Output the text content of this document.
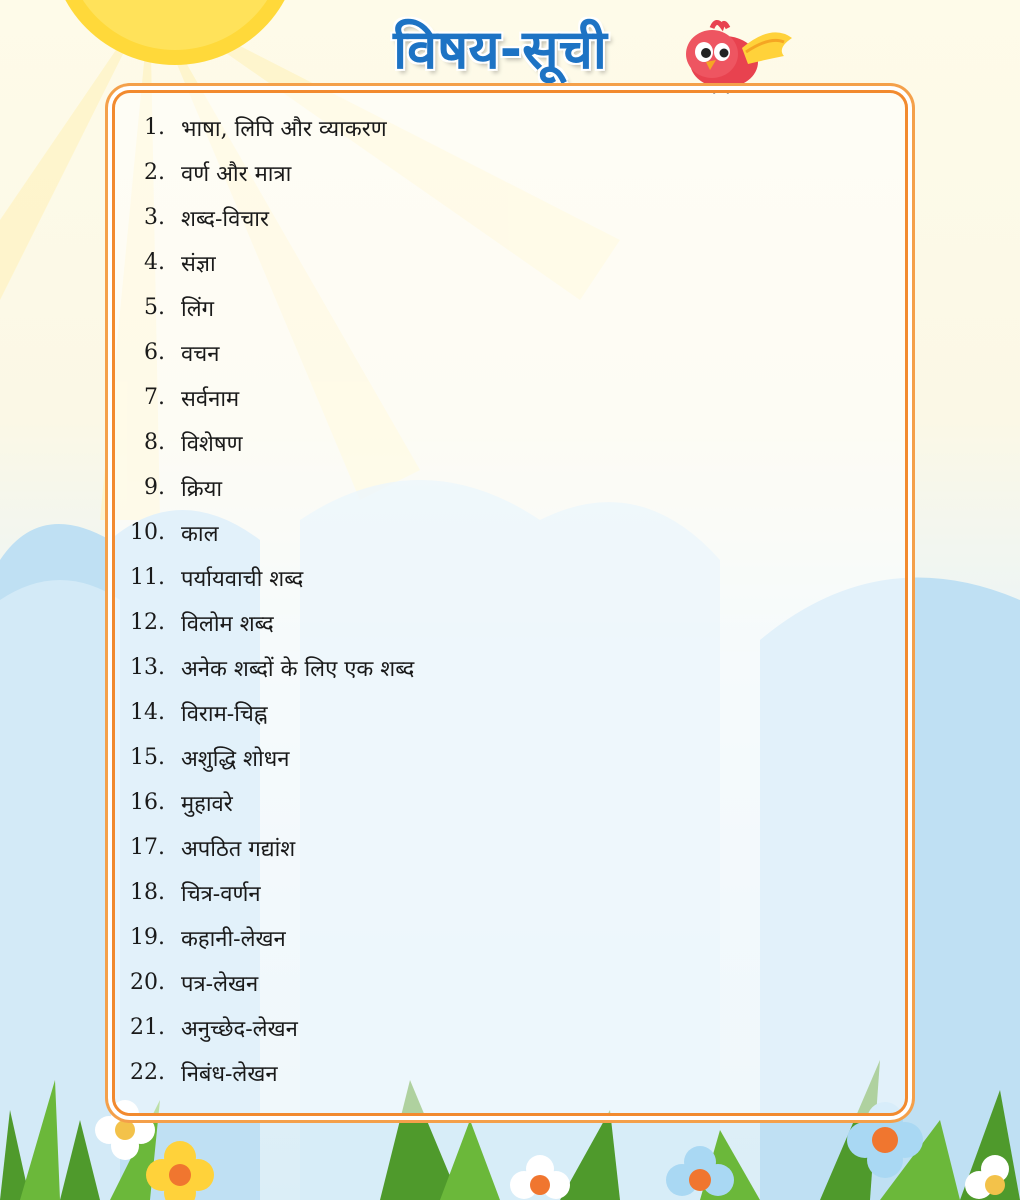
विषय-सूची
1. भाषा, लिपि और व्याकरण
2. वर्ण और मात्रा
3. शब्द-विचार
4. संज्ञा
5. लिंग
6. वचन
7. सर्वनाम
8. विशेषण
9. क्रिया
10. काल
11. पर्यायवाची शब्द
12. विलोम शब्द
13. अनेक शब्दों के लिए एक शब्द
14. विराम-चिह्न
15. अशुद्धि शोधन
16. मुहावरे
17. अपठित गद्यांश
18. चित्र-वर्णन
19. कहानी-लेखन
20. पत्र-लेखन
21. अनुच्छेद-लेखन
22. निबंध-लेखन
